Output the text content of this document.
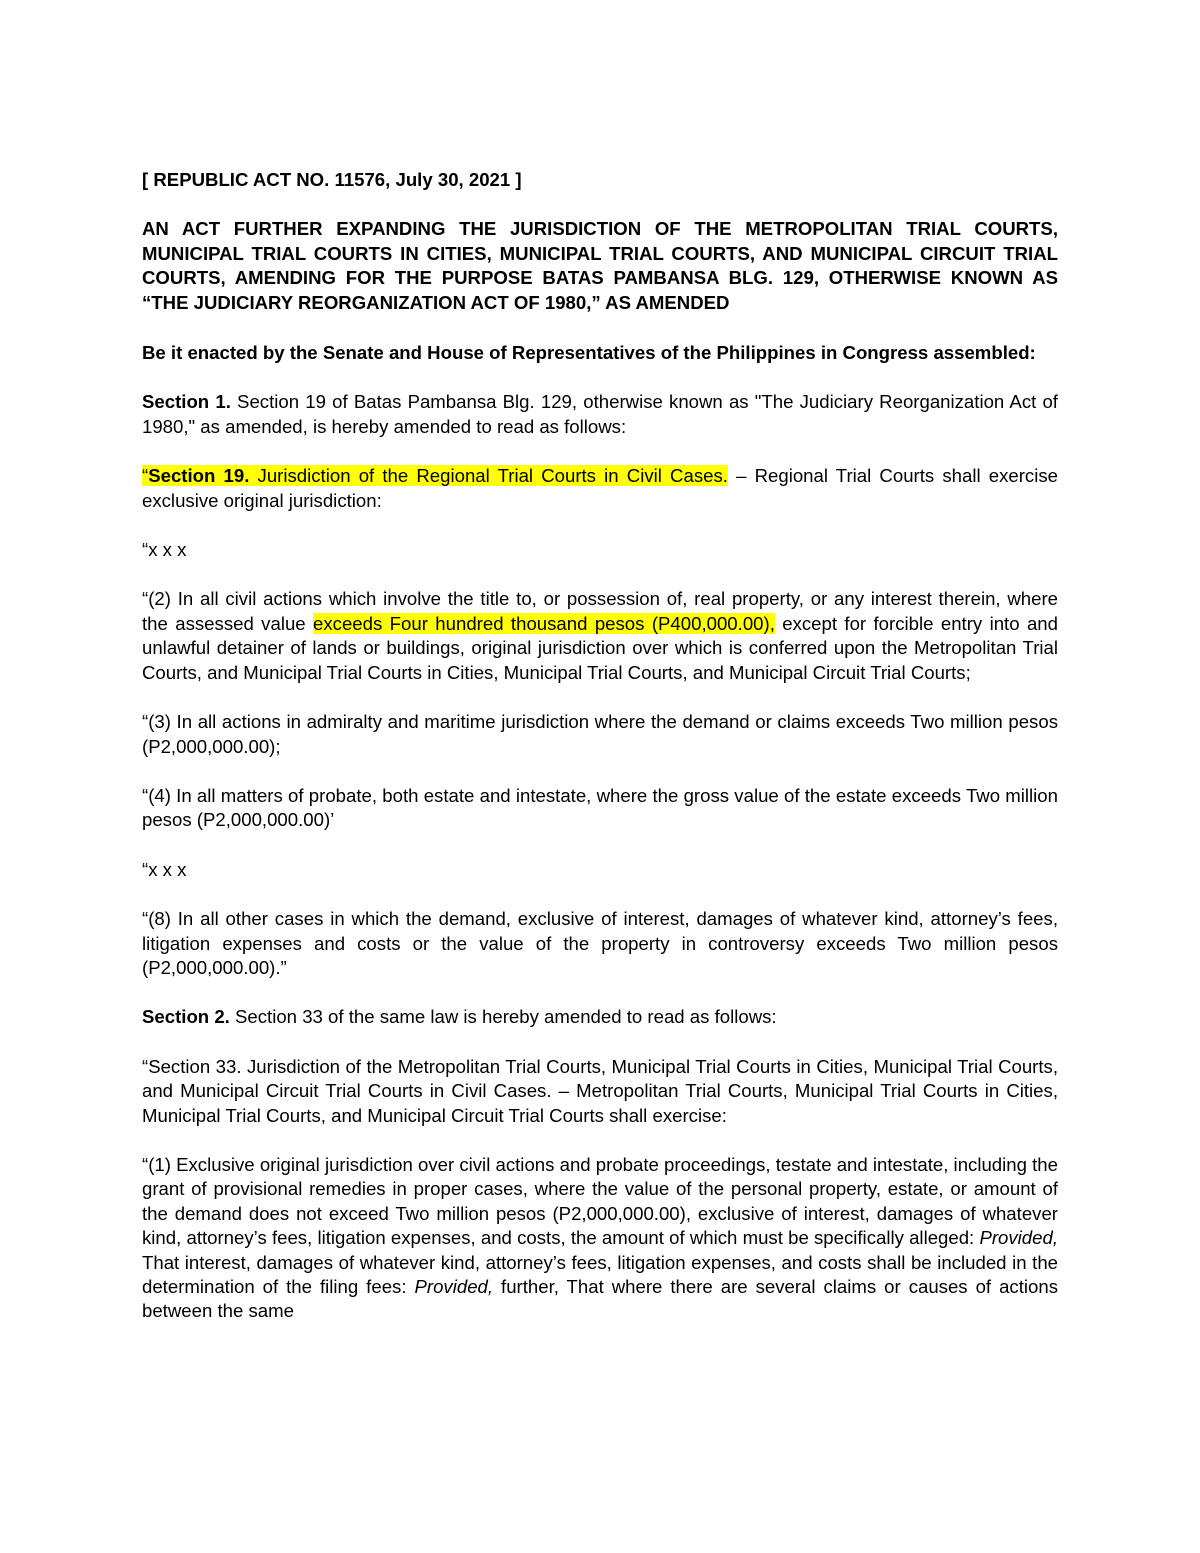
[ REPUBLIC ACT NO. 11576, July 30, 2021 ]

AN ACT FURTHER EXPANDING THE JURISDICTION OF THE METROPOLITAN TRIAL COURTS, MUNICIPAL TRIAL COURTS IN CITIES, MUNICIPAL TRIAL COURTS, AND MUNICIPAL CIRCUIT TRIAL COURTS, AMENDING FOR THE PURPOSE BATAS PAMBANSA BLG. 129, OTHERWISE KNOWN AS “THE JUDICIARY REORGANIZATION ACT OF 1980,” AS AMENDED

Be it enacted by the Senate and House of Representatives of the Philippines in Congress assembled:

Section 1. Section 19 of Batas Pambansa Blg. 129, otherwise known as "The Judiciary Reorganization Act of 1980," as amended, is hereby amended to read as follows:

“Section 19. Jurisdiction of the Regional Trial Courts in Civil Cases. – Regional Trial Courts shall exercise exclusive original jurisdiction:

“x x x

“(2) In all civil actions which involve the title to, or possession of, real property, or any interest therein, where the assessed value exceeds Four hundred thousand pesos (P400,000.00), except for forcible entry into and unlawful detainer of lands or buildings, original jurisdiction over which is conferred upon the Metropolitan Trial Courts, and Municipal Trial Courts in Cities, Municipal Trial Courts, and Municipal Circuit Trial Courts;

“(3) In all actions in admiralty and maritime jurisdiction where the demand or claims exceeds Two million pesos (P2,000,000.00);

“(4) In all matters of probate, both estate and intestate, where the gross value of the estate exceeds Two million pesos (P2,000,000.00)’

“x x x

“(8) In all other cases in which the demand, exclusive of interest, damages of whatever kind, attorney’s fees, litigation expenses and costs or the value of the property in controversy exceeds Two million pesos (P2,000,000.00).”

Section 2. Section 33 of the same law is hereby amended to read as follows:

“Section 33. Jurisdiction of the Metropolitan Trial Courts, Municipal Trial Courts in Cities, Municipal Trial Courts, and Municipal Circuit Trial Courts in Civil Cases. – Metropolitan Trial Courts, Municipal Trial Courts in Cities, Municipal Trial Courts, and Municipal Circuit Trial Courts shall exercise:

“(1) Exclusive original jurisdiction over civil actions and probate proceedings, testate and intestate, including the grant of provisional remedies in proper cases, where the value of the personal property, estate, or amount of the demand does not exceed Two million pesos (P2,000,000.00), exclusive of interest, damages of whatever kind, attorney’s fees, litigation expenses, and costs, the amount of which must be specifically alleged: Provided, That interest, damages of whatever kind, attorney’s fees, litigation expenses, and costs shall be included in the determination of the filing fees: Provided, further, That where there are several claims or causes of actions between the same
